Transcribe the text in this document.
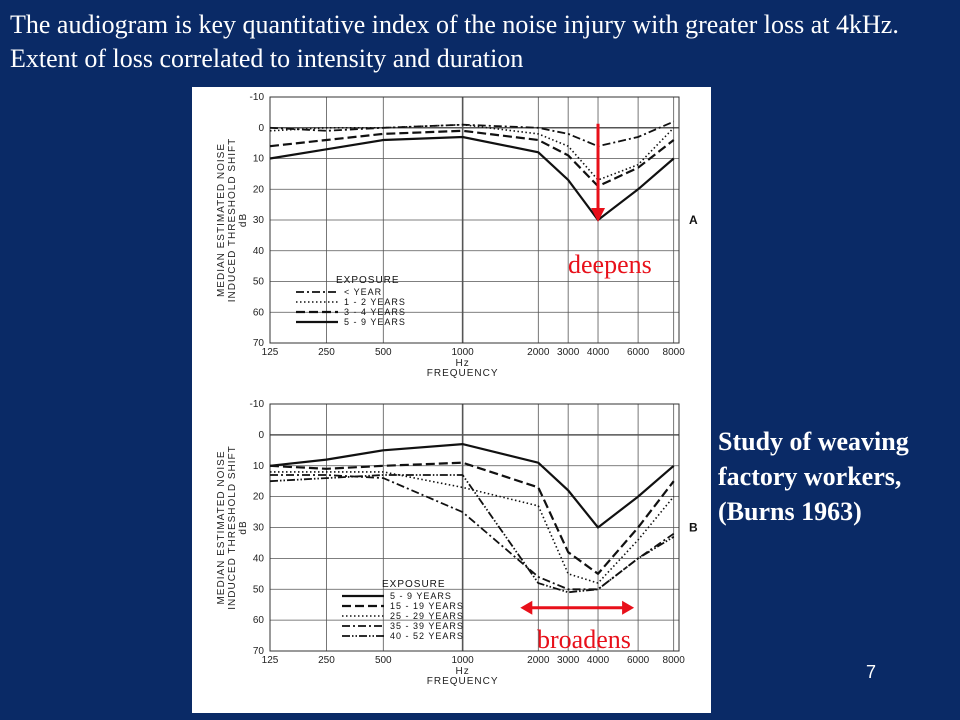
The audiogram is key quantitative index of the noise injury with greater loss at 4kHz. Extent of loss correlated to intensity and duration
-10
0
10
20
30
40
50
60
70
125	250	500	1000	2000 3000 4000 6000 8000
Hz
FREQUENCY
MEDIAN ESTIMATED NOISE INDUCED THRESHOLD SHIFT dB	A
EXPOSURE
< YEAR
1 - 2 YEARS
3 - 4 YEARS
5 - 9 YEARS
deepens
-10
0
10
20
30
40
50
60
70
125	250	500	1000	2000 3000 4000 6000 8000
Hz
FREQUENCY
MEDIAN ESTIMATED NOISE INDUCED THRESHOLD SHIFT dB	B
EXPOSURE
5 - 9 YEARS
15 - 19 YEARS
25 - 29 YEARS
35 - 39 YEARS
40 - 52 YEARS	broadens
Study of weaving factory workers, (Burns 1963)
7
